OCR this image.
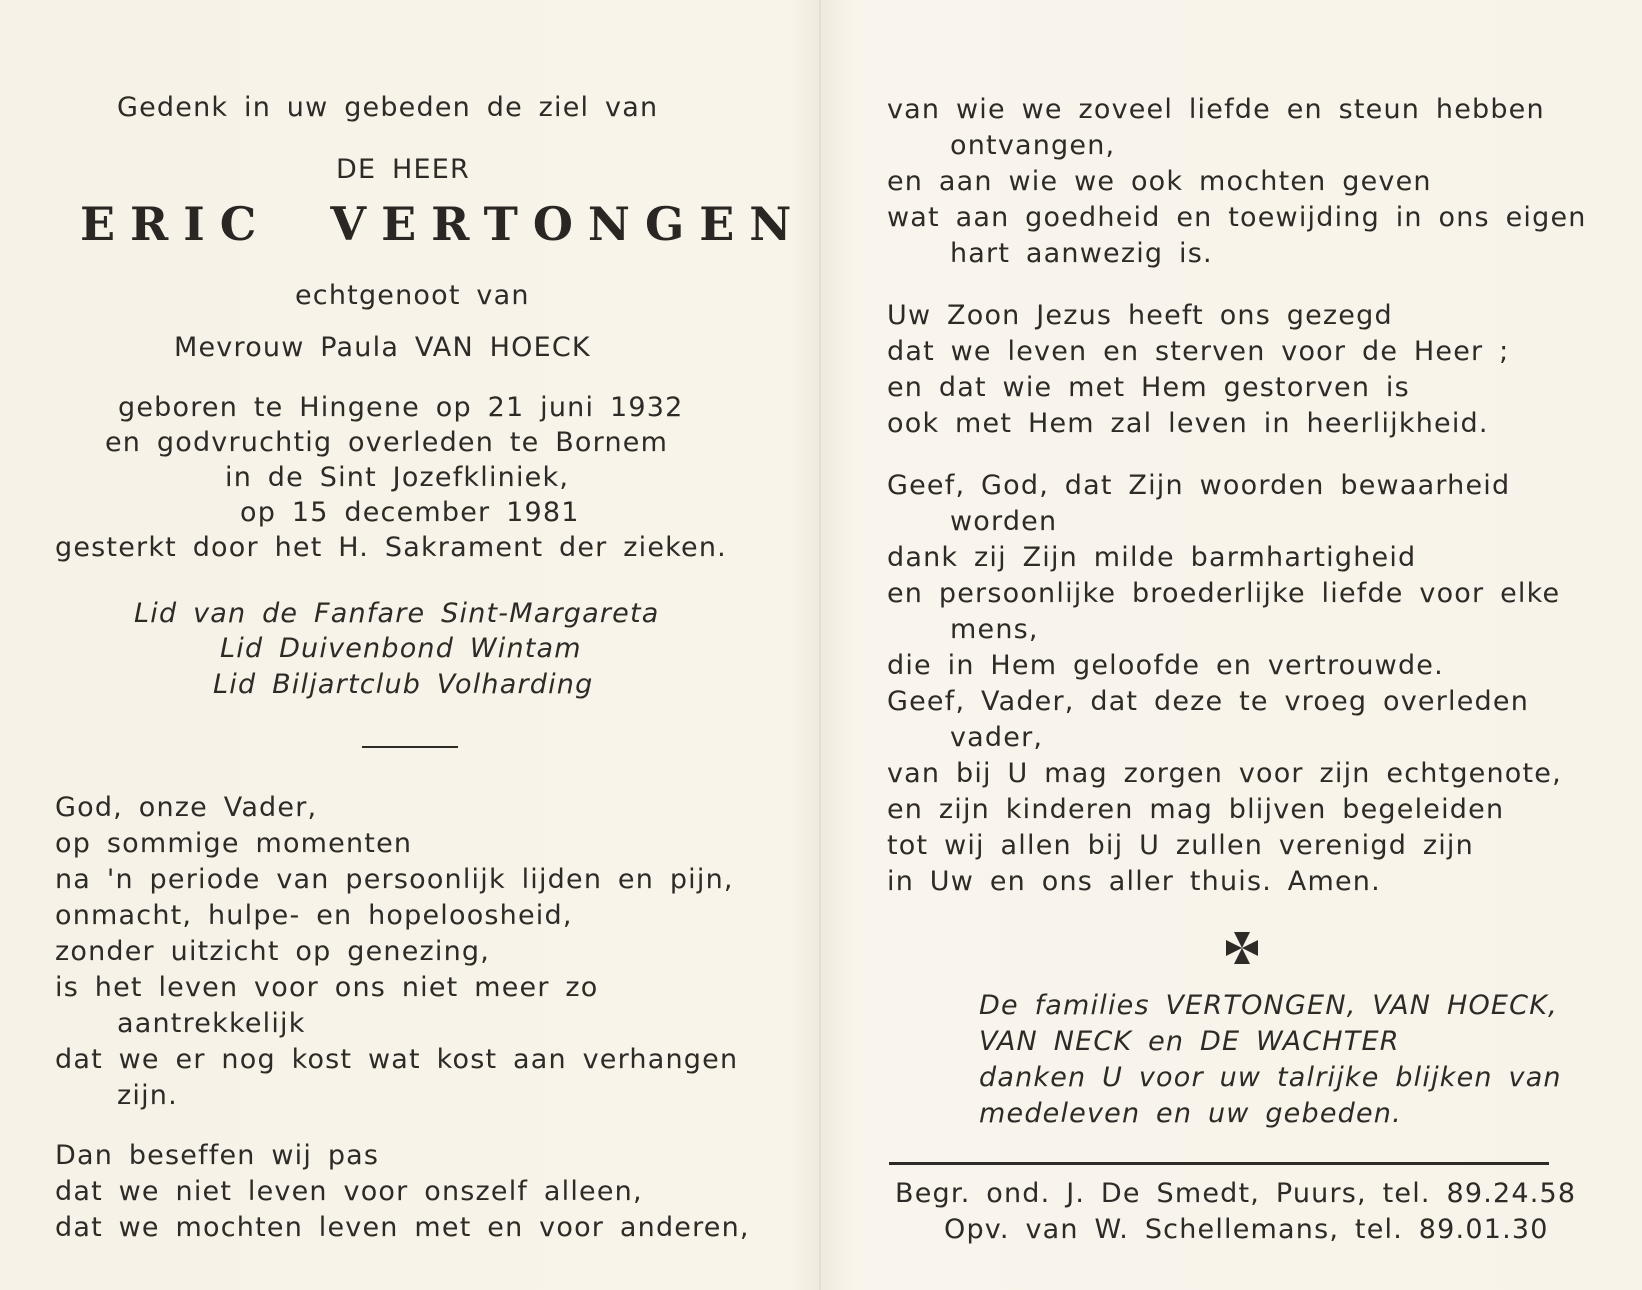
Gedenk in uw gebeden de ziel van
DE HEER
ERIC VERTONGEN
echtgenoot van
Mevrouw Paula VAN HOECK
geboren te Hingene op 21 juni 1932
en godvruchtig overleden te Bornem
in de Sint Jozefkliniek,
op 15 december 1981
gesterkt door het H. Sakrament der zieken.
Lid van de Fanfare Sint-Margareta
Lid Duivenbond Wintam
Lid Biljartclub Volharding
God, onze Vader,
op sommige momenten
na 'n periode van persoonlijk lijden en pijn,
onmacht, hulpe- en hopeloosheid,
zonder uitzicht op genezing,
is het leven voor ons niet meer zo
aantrekkelijk
dat we er nog kost wat kost aan verhangen
zijn.
Dan beseffen wij pas
dat we niet leven voor onszelf alleen,
dat we mochten leven met en voor anderen,
van wie we zoveel liefde en steun hebben
ontvangen,
en aan wie we ook mochten geven
wat aan goedheid en toewijding in ons eigen
hart aanwezig is.
Uw Zoon Jezus heeft ons gezegd
dat we leven en sterven voor de Heer ;
en dat wie met Hem gestorven is
ook met Hem zal leven in heerlijkheid.
Geef, God, dat Zijn woorden bewaarheid
worden
dank zij Zijn milde barmhartigheid
en persoonlijke broederlijke liefde voor elke
mens,
die in Hem geloofde en vertrouwde.
Geef, Vader, dat deze te vroeg overleden
vader,
van bij U mag zorgen voor zijn echtgenote,
en zijn kinderen mag blijven begeleiden
tot wij allen bij U zullen verenigd zijn
in Uw en ons aller thuis. Amen.
De families VERTONGEN, VAN HOECK,
VAN NECK en DE WACHTER
danken U voor uw talrijke blijken van
medeleven en uw gebeden.
Begr. ond. J. De Smedt, Puurs, tel. 89.24.58
Opv. van W. Schellemans, tel. 89.01.30
